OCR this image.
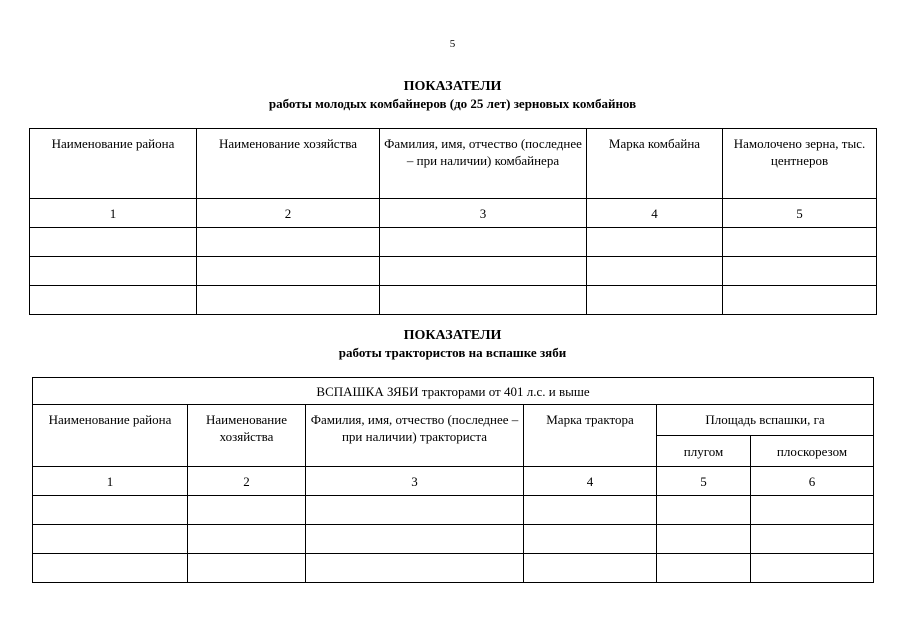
5
ПОКАЗАТЕЛИ
работы молодых комбайнеров (до 25 лет) зерновых комбайнов
Наименование района	Наименование хозяйства	Фамилия, имя, отчество (последнее – при наличии) комбайнера	Марка комбайна	Намолочено зерна, тыс. центнеров
1	2	3	4	5

ПОКАЗАТЕЛИ
работы трактористов на вспашке зяби
ВСПАШКА ЗЯБИ тракторами от 401 л.с. и выше					
Наименование района	Наименование хозяйства	Фамилия, имя, отчество (последнее – при наличии) тракториста	Марка трактора	Площадь вспашки, га	
				плугом	плоскорезом
1	2	3	4	5	6
